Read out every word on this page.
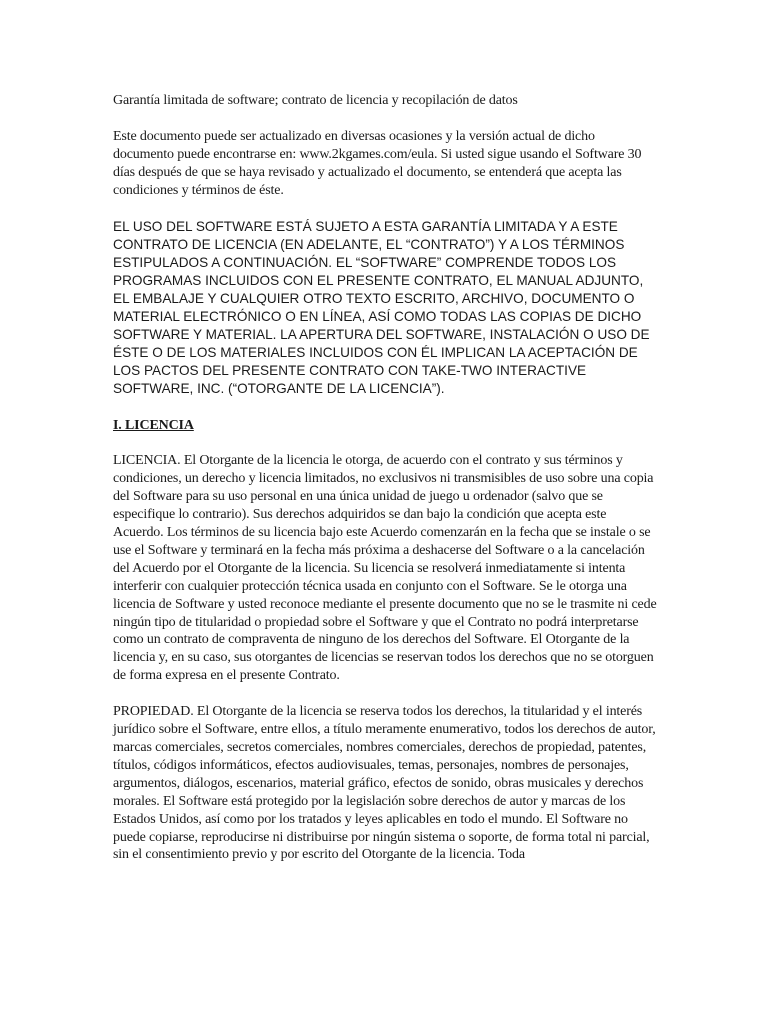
Garantía limitada de software; contrato de licencia y recopilación de datos

Este documento puede ser actualizado en diversas ocasiones y la versión actual de dicho documento puede encontrarse en: www.2kgames.com/eula. Si usted sigue usando el Software 30 días después de que se haya revisado y actualizado el documento, se entenderá que acepta las condiciones y términos de éste.

EL USO DEL SOFTWARE ESTÁ SUJETO A ESTA GARANTÍA LIMITADA Y A ESTE CONTRATO DE LICENCIA (EN ADELANTE, EL “CONTRATO”) Y A LOS TÉRMINOS ESTIPULADOS A CONTINUACIÓN. EL “SOFTWARE” COMPRENDE TODOS LOS PROGRAMAS INCLUIDOS CON EL PRESENTE CONTRATO, EL MANUAL ADJUNTO, EL EMBALAJE Y CUALQUIER OTRO TEXTO ESCRITO, ARCHIVO, DOCUMENTO O MATERIAL ELECTRÓNICO O EN LÍNEA, ASÍ COMO TODAS LAS COPIAS DE DICHO SOFTWARE Y MATERIAL. LA APERTURA DEL SOFTWARE, INSTALACIÓN O USO DE ÉSTE O DE LOS MATERIALES INCLUIDOS CON ÉL IMPLICAN LA ACEPTACIÓN DE LOS PACTOS DEL PRESENTE CONTRATO CON TAKE-TWO INTERACTIVE SOFTWARE, INC. (“OTORGANTE DE LA LICENCIA”).

I. LICENCIA

LICENCIA. El Otorgante de la licencia le otorga, de acuerdo con el contrato y sus términos y condiciones, un derecho y licencia limitados, no exclusivos ni transmisibles de uso sobre una copia del Software para su uso personal en una única unidad de juego u ordenador (salvo que se especifique lo contrario). Sus derechos adquiridos se dan bajo la condición que acepta este Acuerdo. Los términos de su licencia bajo este Acuerdo comenzarán en la fecha que se instale o se use el Software y terminará en la fecha más próxima a deshacerse del Software o a la cancelación del Acuerdo por el Otorgante de la licencia. Su licencia se resolverá inmediatamente si intenta interferir con cualquier protección técnica usada en conjunto con el Software. Se le otorga una licencia de Software y usted reconoce mediante el presente documento que no se le trasmite ni cede ningún tipo de titularidad o propiedad sobre el Software y que el Contrato no podrá interpretarse como un contrato de compraventa de ninguno de los derechos del Software. El Otorgante de la licencia y, en su caso, sus otorgantes de licencias se reservan todos los derechos que no se otorguen de forma expresa en el presente Contrato.

PROPIEDAD. El Otorgante de la licencia se reserva todos los derechos, la titularidad y el interés jurídico sobre el Software, entre ellos, a título meramente enumerativo, todos los derechos de autor, marcas comerciales, secretos comerciales, nombres comerciales, derechos de propiedad, patentes, títulos, códigos informáticos, efectos audiovisuales, temas, personajes, nombres de personajes, argumentos, diálogos, escenarios, material gráfico, efectos de sonido, obras musicales y derechos morales. El Software está protegido por la legislación sobre derechos de autor y marcas de los Estados Unidos, así como por los tratados y leyes aplicables en todo el mundo. El Software no puede copiarse, reproducirse ni distribuirse por ningún sistema o soporte, de forma total ni parcial, sin el consentimiento previo y por escrito del Otorgante de la licencia. Toda
